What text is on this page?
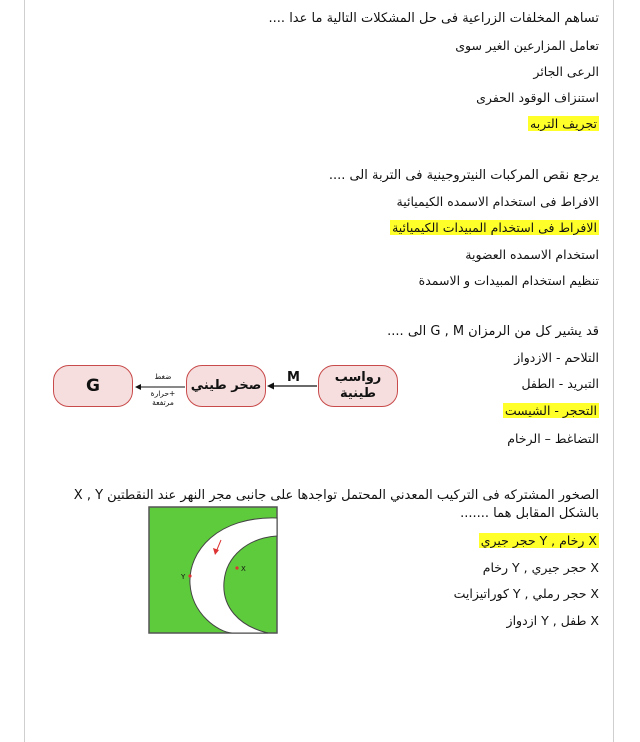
تساهم المخلفات الزراعية فى حل المشكلات التالية ما عدا ....
تعامل المزارعين الغير سوى
الرعى الجائر
استنزاف الوقود الحفرى
تجريف التربه
يرجع نقص المركبات النيتروجينية فى التربة الى ....
الافراط فى استخدام الاسمده الكيميائية
الافراط فى استخدام المبيدات الكيميائية
استخدام الاسمده العضوية
تنظيم استخدام المبيدات و الاسمدة
قد يشير كل من الرمزان G , M الى ....
التلاحم - الازدواز
التبريد - الطفل
التحجر - الشيست
التضاغط – الرخام
رواسب طينية
صخر طيني
G	M
ضغط
+حرارة مرتفعة
الصخور المشتركه فى التركيب المعدني المحتمل تواجدها على جانبى مجر النهر عند النقطتين X , Y بالشكل المقابل هما .......
X رخام , Y حجر جيري
X حجر جيري , Y رخام
X حجر رملي , Y كوراتيزايت
X طفل , Y ازدواز
Y
X
